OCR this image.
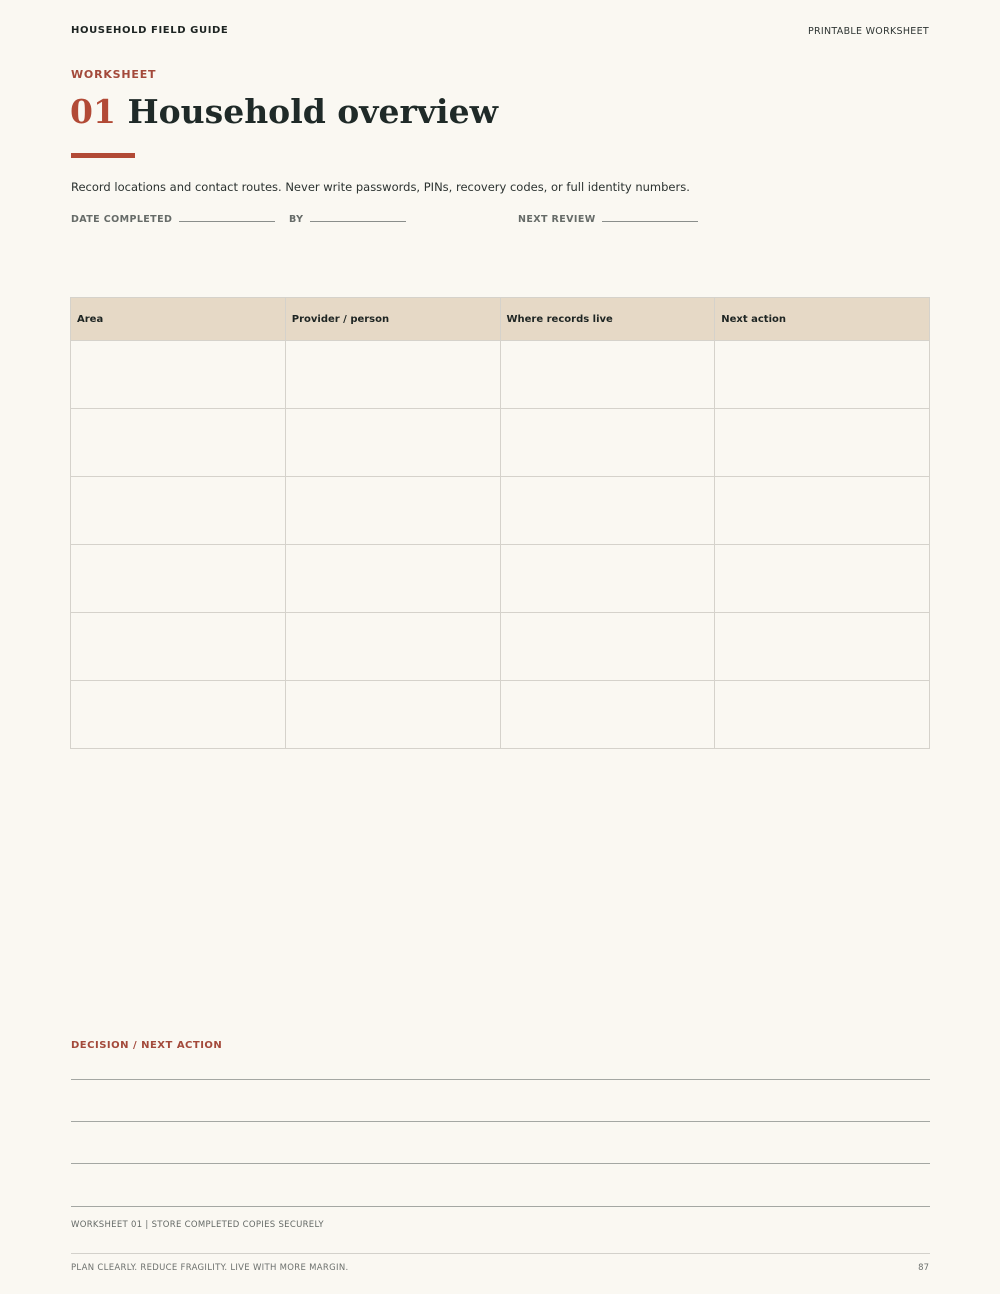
HOUSEHOLD FIELD GUIDE	PRINTABLE WORKSHEET
WORKSHEET
01 Household overview
Record locations and contact routes. Never write passwords, PINs, recovery codes, or full identity numbers.
DATE COMPLETED	BY	NEXT REVIEW
Area	Provider / person	Where records live	Next action

DECISION / NEXT ACTION
WORKSHEET 01 | STORE COMPLETED COPIES SECURELY
PLAN CLEARLY. REDUCE FRAGILITY. LIVE WITH MORE MARGIN.	87
